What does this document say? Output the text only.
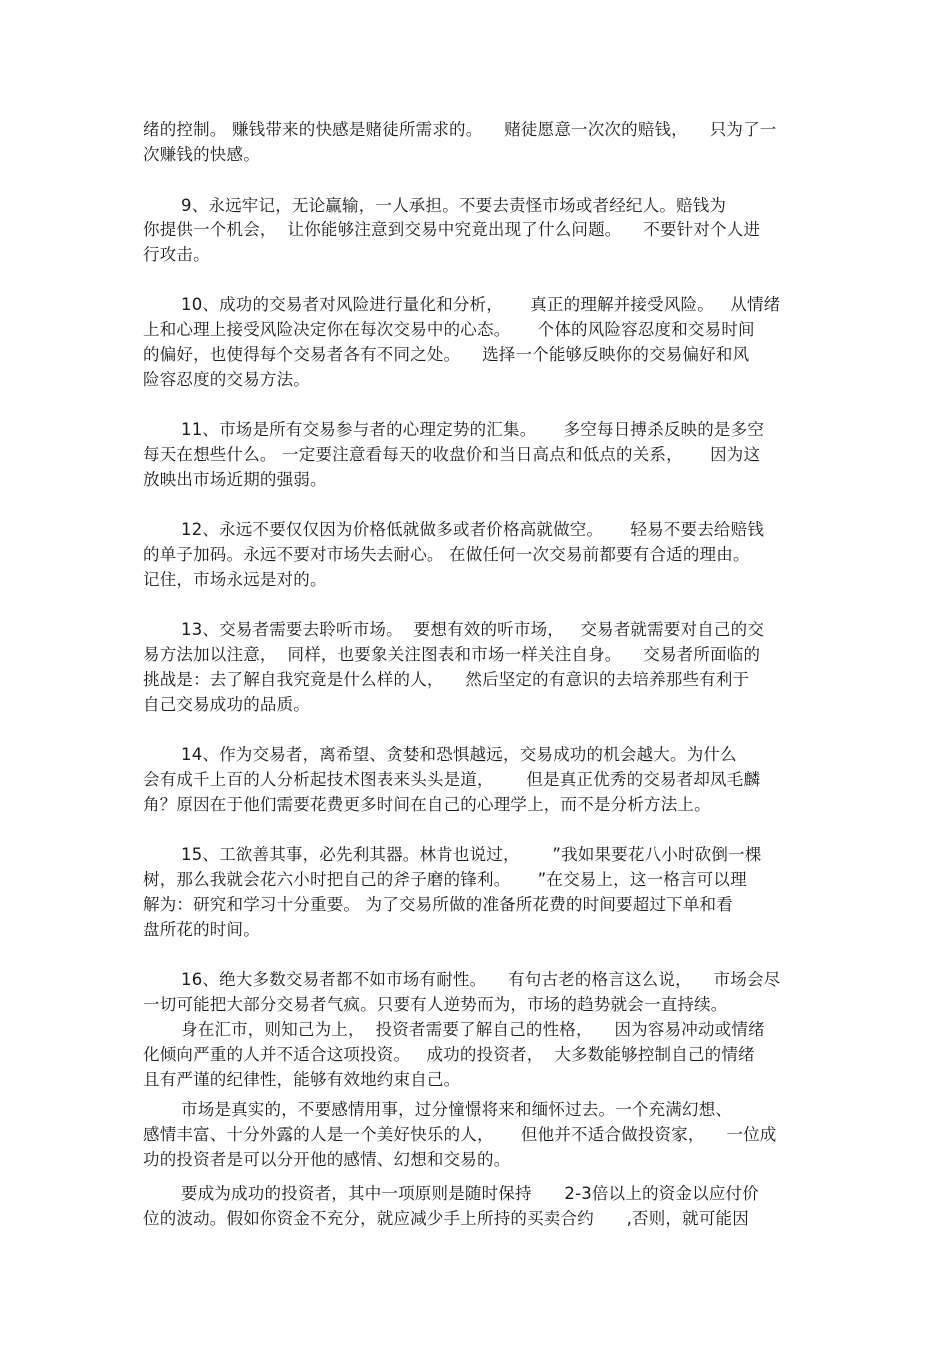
绪的控制。 赚钱带来的快感是赌徒所需求的。    赌徒愿意一次次的赔钱，    只为了一
次赚钱的快感。
9、永远牢记，无论赢输，一人承担。不要去责怪市场或者经纪人。赔钱为
你提供一个机会，  让你能够注意到交易中究竟出现了什么问题。    不要针对个人进
行攻击。
10、成功的交易者对风险进行量化和分析，     真正的理解并接受风险。   从情绪
上和心理上接受风险决定你在每次交易中的心态。     个体的风险容忍度和交易时间
的偏好，也使得每个交易者各有不同之处。    选择一个能够反映你的交易偏好和风
险容忍度的交易方法。
11、市场是所有交易参与者的心理定势的汇集。     多空每日搏杀反映的是多空
每天在想些什么。 一定要注意看每天的收盘价和当日高点和低点的关系，     因为这
放映出市场近期的强弱。
12、永远不要仅仅因为价格低就做多或者价格高就做空。     轻易不要去给赔钱
的单子加码。永远不要对市场失去耐心。 在做任何一次交易前都要有合适的理由。
记住，市场永远是对的。
13、交易者需要去聆听市场。  要想有效的听市场，   交易者就需要对自己的交
易方法加以注意，  同样，也要象关注图表和市场一样关注自身。    交易者所面临的
挑战是：去了解自我究竟是什么样的人，    然后坚定的有意识的去培养那些有利于
自己交易成功的品质。
14、作为交易者，离希望、贪婪和恐惧越远，交易成功的机会越大。为什么
会有成千上百的人分析起技术图表来头头是道，      但是真正优秀的交易者却凤毛麟
角？原因在于他们需要花费更多时间在自己的心理学上，而不是分析方法上。
15、工欲善其事，必先利其器。林肯也说过，      ”我如果要花八小时砍倒一棵
树，那么我就会花六小时把自己的斧子磨的锋利。     ”在交易上，这一格言可以理
解为：研究和学习十分重要。 为了交易所做的准备所花费的时间要超过下单和看
盘所花的时间。
16、绝大多数交易者都不如市场有耐性。    有句古老的格言这么说，    市场会尽
一切可能把大部分交易者气疯。只要有人逆势而为，市场的趋势就会一直持续。
身在汇市，则知己为上，  投资者需要了解自己的性格，    因为容易冲动或情绪
化倾向严重的人并不适合这项投资。   成功的投资者，  大多数能够控制自己的情绪
且有严谨的纪律性，能够有效地约束自己。
市场是真实的，不要感情用事，过分憧憬将来和缅怀过去。一个充满幻想、
感情丰富、十分外露的人是一个美好快乐的人，     但他并不适合做投资家，    一位成
功的投资者是可以分开他的感情、幻想和交易的。
要成为成功的投资者，其中一项原则是随时保持      2-3倍以上的资金以应付价
位的波动。假如你资金不充分，就应减少手上所持的买卖合约      ,否则，就可能因
